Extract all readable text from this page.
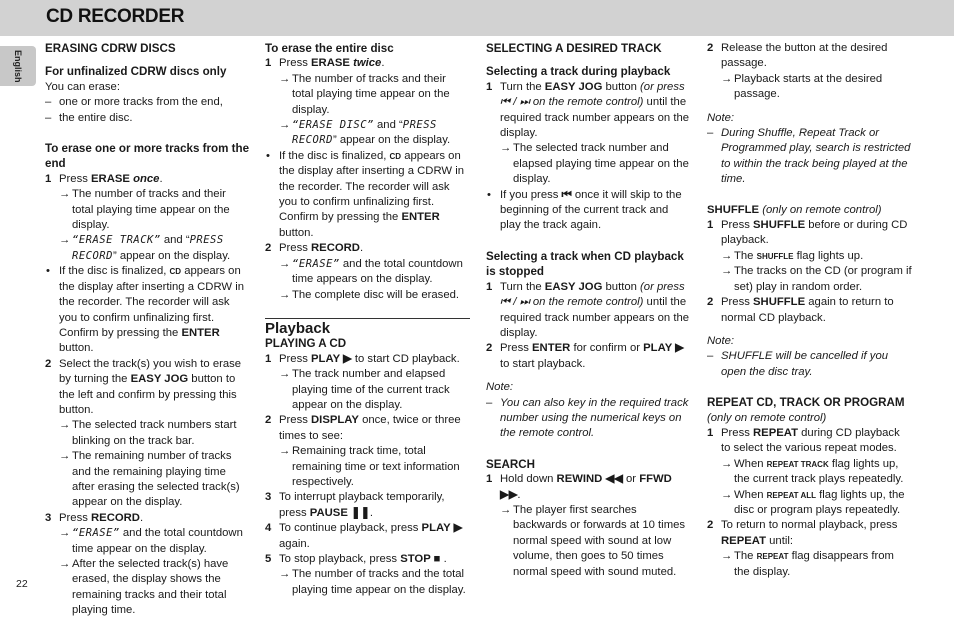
CD RECORDER
English
ERASING CDRW DISCS
For unfinalized CDRW discs only

You can erase:

– one or more tracks from the end,
– the entire disc.
To erase one or more tracks from the end
1 Press ERASE once.
→ The number of tracks and their total playing time appear on the display.
→ “ERASE TRACK” and “PRESS RECORD” appear on the display.
• If the disc is finalized, CD appears on the display after inserting a CDRW in the recorder. The recorder will ask you to confirm unfinalizing first. Confirm by pressing the ENTER button.
2 Select the track(s) you wish to erase by turning the EASY JOG button to the left and confirm by pressing this button.
→ The selected track numbers start blinking on the track bar.
→ The remaining number of tracks and the remaining playing time after erasing the selected track(s) appear on the display.
3 Press RECORD.
→ “ERASE” and the total countdown time appear on the display.
→ After the selected track(s) have erased, the display shows the remaining tracks and their total playing time.
To erase the entire disc
1 Press ERASE twice.
→ The number of tracks and their total playing time appear on the display.
→ “ERASE DISC” and “PRESS RECORD” appear on the display.
• If the disc is finalized, CD appears on the display after inserting a CDRW in the recorder. The recorder will ask you to confirm unfinalizing first. Confirm by pressing the ENTER button.
2 Press RECORD.
→ “ERASE” and the total countdown time appears on the display.
→ The complete disc will be erased.
Playback
PLAYING A CD
1 Press PLAY ▶ to start CD playback.
→ The track number and elapsed playing time of the current track appear on the display.
2 Press DISPLAY once, twice or three times to see:
→ Remaining track time, total remaining time or text information respectively.
3 To interrupt playback temporarily, press PAUSE ❚❚.
4 To continue playback, press PLAY ▶ again.
5 To stop playback, press STOP ■ .
→ The number of tracks and the total playing time appear on the display.
SELECTING A DESIRED TRACK
Selecting a track during playback
1 Turn the EASY JOG button (or press ⏮ / ⏭ on the remote control) until the required track number appears on the display.
→ The selected track number and elapsed playing time appear on the display.
• If you press ⏮ once it will skip to the beginning of the current track and play the track again.
Selecting a track when CD playback is stopped
1 Turn the EASY JOG button (or press ⏮ / ⏭ on the remote control) until the required track number appears on the display.
2 Press ENTER for confirm or PLAY ▶ to start playback.

Note:

– You can also key in the required track number using the numerical keys on the remote control.
SEARCH
1 Hold down REWIND ◀◀ or FFWD ▶▶.
→ The player first searches backwards or forwards at 10 times normal speed with sound at low volume, then goes to 50 times normal speed with sound muted.
2 Release the button at the desired passage.
→ Playback starts at the desired passage.

Note:

– During Shuffle, Repeat Track or Programmed play, search is restricted to within the track being played at the time.

SHUFFLE (only on remote control)

1 Press SHUFFLE before or during CD playback.
→ The SHUFFLE flag lights up.
→ The tracks on the CD (or program if set) play in random order.
2 Press SHUFFLE again to return to normal CD playback.

Note:

– SHUFFLE will be cancelled if you open the disc tray.
REPEAT CD, TRACK OR PROGRAM

(only on remote control)

1 Press REPEAT during CD playback to select the various repeat modes.
→ When REPEAT TRACK flag lights up, the current track plays repeatedly.
→ When REPEAT ALL flag lights up, the disc or program plays repeatedly.
2 To return to normal playback, press REPEAT until:
→ The REPEAT flag disappears from the display.
22
